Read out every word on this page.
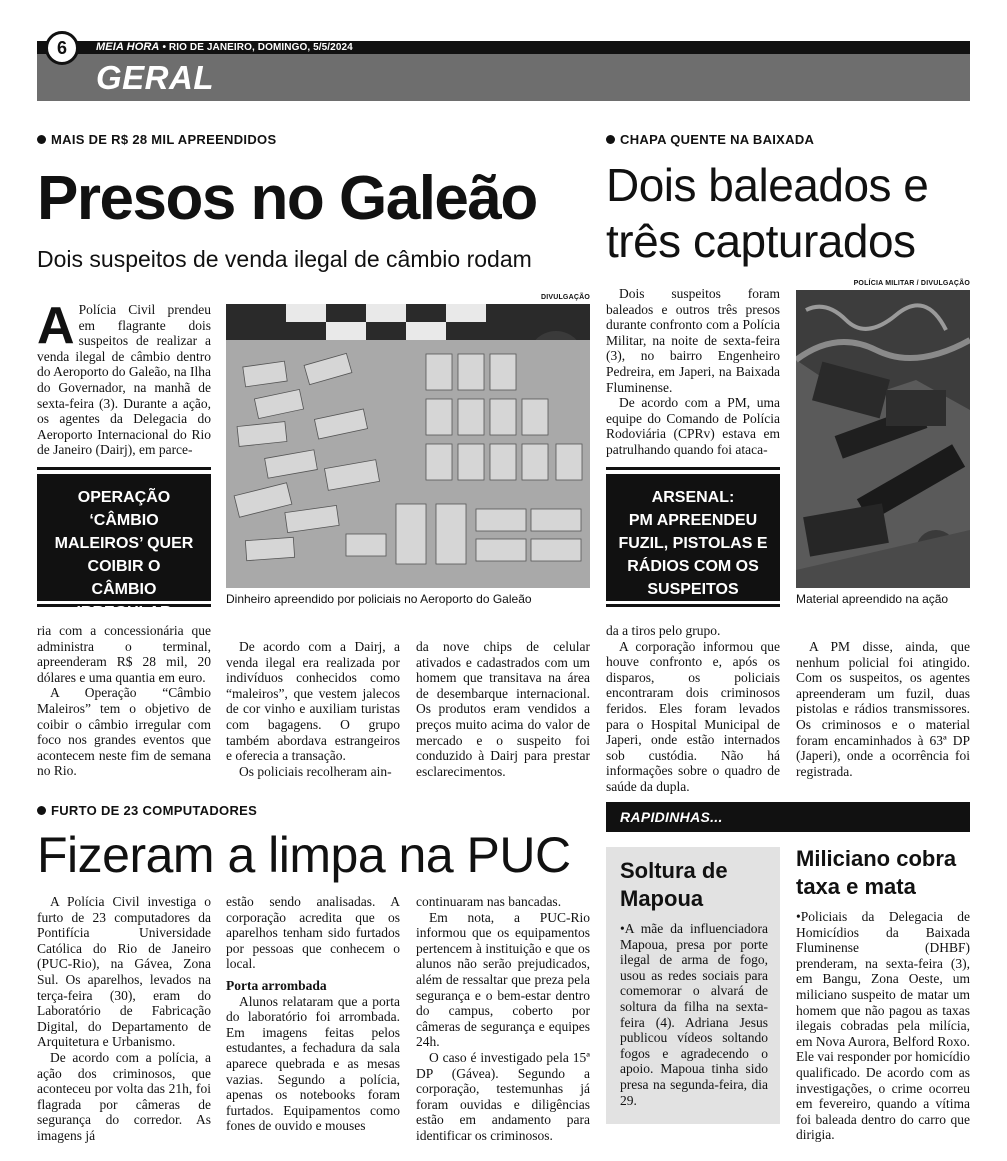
MEIA HORA • RIO DE JANEIRO, DOMINGO, 5/5/2024
GERAL
6
MAIS DE R$ 28 MIL APREENDIDOS
Presos no Galeão
Dois suspeitos de venda ilegal de câmbio rodam

A Polícia Civil prendeu em flagrante dois suspeitos de realizar a venda ilegal de câmbio dentro do Aeroporto do Galeão, na Ilha do Governador, na manhã de sexta-feira (3). Durante a ação, os agentes da Delegacia do Aeroporto Internacional do Rio de Janeiro (Dairj), em parce-

OPERAÇÃO ‘CÂMBIO MALEIROS’ QUER COIBIR O CÂMBIO IRREGULAR
DIVULGAÇÃO
Dinheiro apreendido por policiais no Aeroporto do Galeão

ria com a concessionária que administra o terminal, apreenderam R$ 28 mil, 20 dólares e uma quantia em euro.

A Operação “Câmbio Maleiros” tem o objetivo de coibir o câmbio irregular com foco nos grandes eventos que acontecem neste fim de semana no Rio.

De acordo com a Dairj, a venda ilegal era realizada por indivíduos conhecidos como “maleiros”, que vestem jalecos de cor vinho e auxiliam turistas com bagagens. O grupo também abordava estrangeiros e oferecia a transação.

Os policiais recolheram ain-

da nove chips de celular ativados e cadastrados com um homem que transitava na área de desembarque internacional. Os produtos eram vendidos a preços muito acima do valor de mercado e o suspeito foi conduzido à Dairj para prestar esclarecimentos.

CHAPA QUENTE NA BAIXADA
Dois baleados e
três capturados

Dois suspeitos foram baleados e outros três presos durante confronto com a Polícia Militar, na noite de sexta-feira (3), no bairro Engenheiro Pedreira, em Japeri, na Baixada Fluminense.

De acordo com a PM, uma equipe do Comando de Polícia Rodoviária (CPRv) estava em patrulhando quando foi ataca-

ARSENAL:
PM APREENDEU FUZIL, PISTOLAS E RÁDIOS COM OS SUSPEITOS
POLÍCIA MILITAR / DIVULGAÇÃO
Material apreendido na ação

da a tiros pelo grupo.

A corporação informou que houve confronto e, após os disparos, os policiais encontraram dois criminosos feridos. Eles foram levados para o Hospital Municipal de Japeri, onde estão internados sob custódia. Não há informações sobre o quadro de saúde da dupla.

A PM disse, ainda, que nenhum policial foi atingido. Com os suspeitos, os agentes apreenderam um fuzil, duas pistolas e rádios transmissores. Os criminosos e o material foram encaminhados à 63ª DP (Japeri), onde a ocorrência foi registrada.

FURTO DE 23 COMPUTADORES
Fizeram a limpa na PUC

A Polícia Civil investiga o furto de 23 computadores da Pontifícia Universidade Católica do Rio de Janeiro (PUC-Rio), na Gávea, Zona Sul. Os aparelhos, levados na terça-feira (30), eram do Laboratório de Fabricação Digital, do Departamento de Arquitetura e Urbanismo.

De acordo com a polícia, a ação dos criminosos, que aconteceu por volta das 21h, foi flagrada por câmeras de segurança do corredor. As imagens já

estão sendo analisadas. A corporação acredita que os aparelhos tenham sido furtados por pessoas que conhecem o local.

Porta arrombada

Alunos relataram que a porta do laboratório foi arrombada. Em imagens feitas pelos estudantes, a fechadura da sala aparece quebrada e as mesas vazias. Segundo a polícia, apenas os notebooks foram furtados. Equipamentos como fones de ouvido e mouses

continuaram nas bancadas.

Em nota, a PUC-Rio informou que os equipamentos pertencem à instituição e que os alunos não serão prejudicados, além de ressaltar que preza pela segurança e o bem-estar dentro do campus, coberto por câmeras de segurança e equipes 24h.

O caso é investigado pela 15ª DP (Gávea). Segundo a corporação, testemunhas já foram ouvidas e diligências estão em andamento para identificar os criminosos.

RAPIDINHAS...
Soltura de Mapoua

•A mãe da influenciadora Mapoua, presa por porte ilegal de arma de fogo, usou as redes sociais para comemorar o alvará de soltura da filha na sexta-feira (4). Adriana Jesus publicou vídeos soltando fogos e agradecendo o apoio. Mapoua tinha sido presa na segunda-feira, dia 29.

Miliciano cobra taxa e mata

•Policiais da Delegacia de Homicídios da Baixada Fluminense (DHBF) prenderam, na sexta-feira (3), em Bangu, Zona Oeste, um miliciano suspeito de matar um homem que não pagou as taxas ilegais cobradas pela milícia, em Nova Aurora, Belford Roxo. Ele vai responder por homicídio qualificado. De acordo com as investigações, o crime ocorreu em fevereiro, quando a vítima foi baleada dentro do carro que dirigia.
